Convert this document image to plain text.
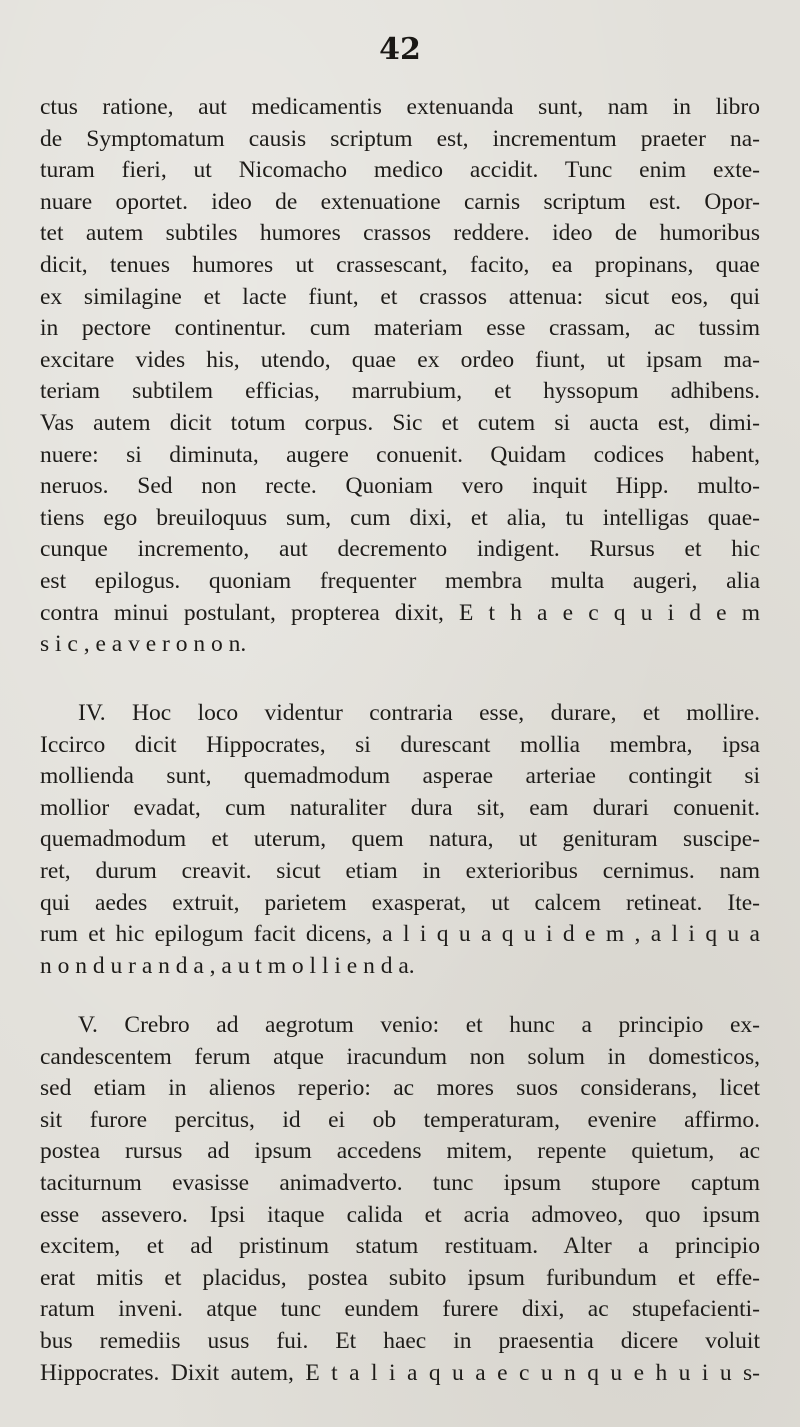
42
ctus ratione, aut medicamentis extenuanda sunt, nam in libro
de Symptomatum causis scriptum est, incrementum praeter na-
turam fieri, ut Nicomacho medico accidit. Tunc enim exte-
nuare oportet. ideo de extenuatione carnis scriptum est. Opor-
tet autem subtiles humores crassos reddere. ideo de humoribus
dicit, tenues humores ut crassescant, facito, ea propinans, quae
ex similagine et lacte fiunt, et crassos attenua: sicut eos, qui
in pectore continentur. cum materiam esse crassam, ac tussim
excitare vides his, utendo, quae ex ordeo fiunt, ut ipsam ma-
teriam subtilem efficias, marrubium, et hyssopum adhibens.
Vas autem dicit totum corpus. Sic et cutem si aucta est, dimi-
nuere: si diminuta, augere conuenit. Quidam codices habent,
neruos. Sed non recte. Quoniam vero inquit Hipp. multo-
tiens ego breuiloquus sum, cum dixi, et alia, tu intelligas quae-
cunque incremento, aut decremento indigent. Rursus et hic
est epilogus. quoniam frequenter membra multa augeri, alia
contra minui postulant, propterea dixit, E t h a e c q u i d e m
s i c , e a v e r o n o n.
IV. Hoc loco videntur contraria esse, durare, et mollire.
Iccirco dicit Hippocrates, si durescant mollia membra, ipsa
mollienda sunt, quemadmodum asperae arteriae contingit si
mollior evadat, cum naturaliter dura sit, eam durari conuenit.
quemadmodum et uterum, quem natura, ut genituram suscipe-
ret, durum creavit. sicut etiam in exterioribus cernimus. nam
qui aedes extruit, parietem exasperat, ut calcem retineat. Ite-
rum et hic epilogum facit dicens, a l i q u a q u i d e m , a l i q u a
n o n d u r a n d a , a u t m o l l i e n d a.
V. Crebro ad aegrotum venio: et hunc a principio ex-
candescentem ferum atque iracundum non solum in domesticos,
sed etiam in alienos reperio: ac mores suos considerans, licet
sit furore percitus, id ei ob temperaturam, evenire affirmo.
postea rursus ad ipsum accedens mitem, repente quietum, ac
taciturnum evasisse animadverto. tunc ipsum stupore captum
esse assevero. Ipsi itaque calida et acria admoveo, quo ipsum
excitem, et ad pristinum statum restituam. Alter a principio
erat mitis et placidus, postea subito ipsum furibundum et effe-
ratum inveni. atque tunc eundem furere dixi, ac stupefacienti-
bus remediis usus fui. Et haec in praesentia dicere voluit
Hippocrates. Dixit autem, E t a l i a q u a e c u n q u e h u i u s-
